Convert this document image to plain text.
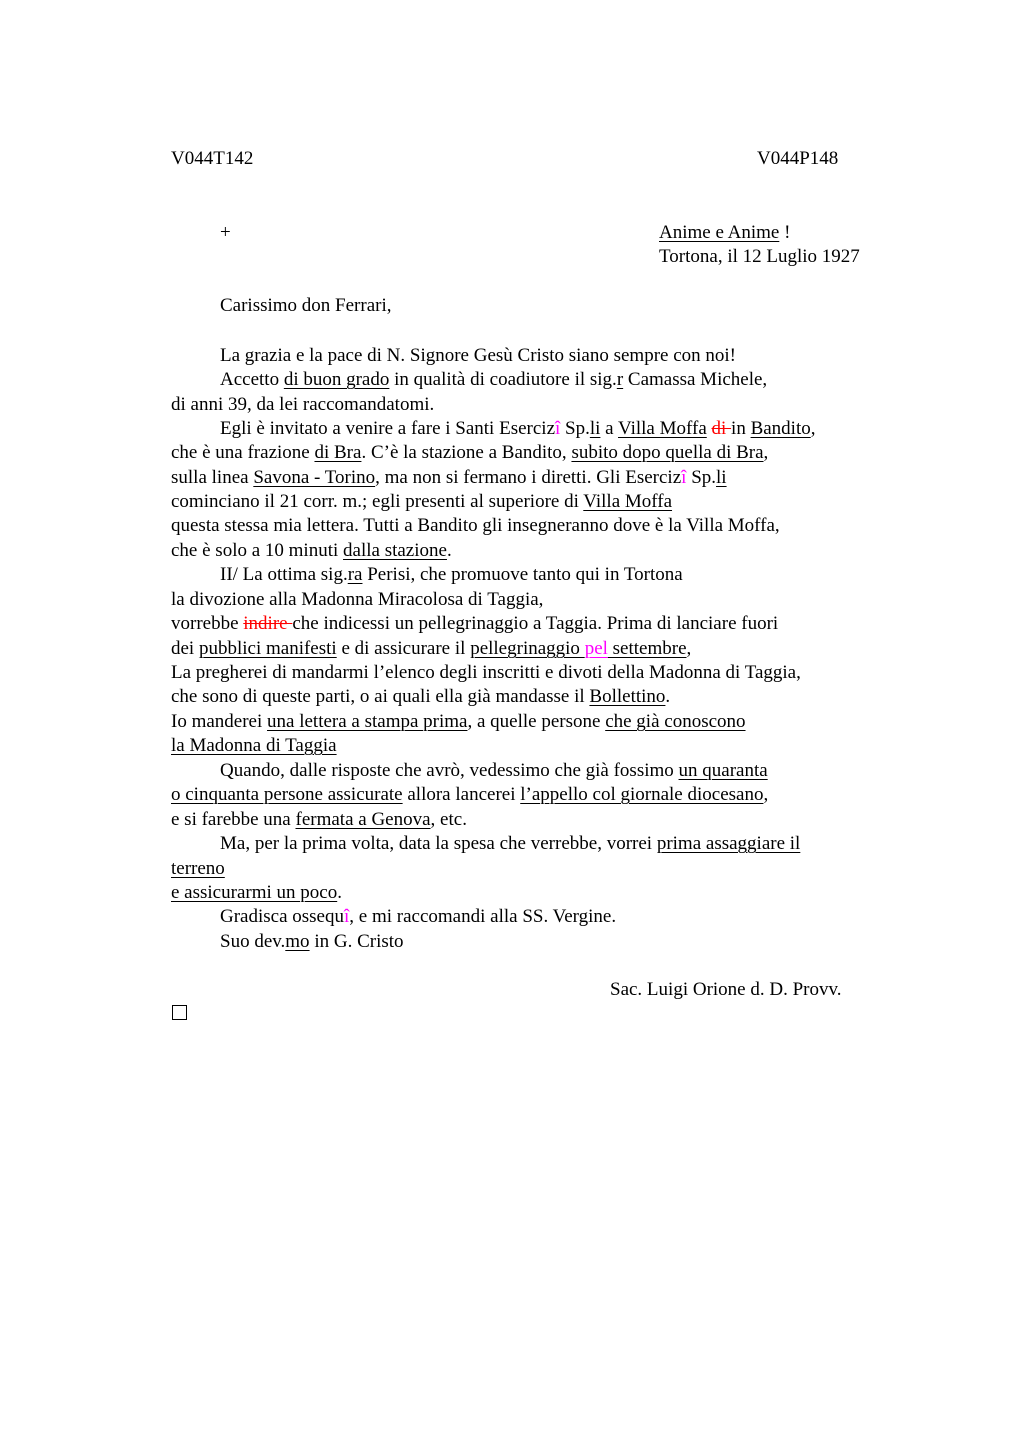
V044T142	V044P148
+	Anime e Anime !
Tortona, il 12 Luglio 1927
Carissimo don Ferrari,
La grazia e la pace di N. Signore Gesù Cristo siano sempre con noi!
Accetto di buon grado in qualità di coadiutore il sig.r Camassa Michele,
di anni 39, da lei raccomandatomi.
Egli è invitato a venire a fare i Santi Esercizî Sp.li a Villa Moffa di in Bandito,
che è una frazione di Bra. C’è la stazione a Bandito, subito dopo quella di Bra,
sulla linea Savona - Torino, ma non si fermano i diretti. Gli Esercizî Sp.li
cominciano il 21 corr. m.; egli presenti al superiore di Villa Moffa
questa stessa mia lettera. Tutti a Bandito gli insegneranno dove è la Villa Moffa,
che è solo a 10 minuti dalla stazione.
II/ La ottima sig.ra Perisi, che promuove tanto qui in Tortona
la divozione alla Madonna Miracolosa di Taggia,
vorrebbe indire che indicessi un pellegrinaggio a Taggia. Prima di lanciare fuori
dei pubblici manifesti e di assicurare il pellegrinaggio pel settembre,
La pregherei di mandarmi l’elenco degli inscritti e divoti della Madonna di Taggia,
che sono di queste parti, o ai quali ella già mandasse il Bollettino.
Io manderei una lettera a stampa prima, a quelle persone che già conoscono
la Madonna di Taggia
Quando, dalle risposte che avrò, vedessimo che già fossimo un quaranta
o cinquanta persone assicurate allora lancerei l’appello col giornale diocesano,
e si farebbe una fermata a Genova, etc.
Ma, per la prima volta, data la spesa che verrebbe, vorrei prima assaggiare il
terreno
e assicurarmi un poco.
Gradisca ossequî, e mi raccomandi alla SS. Vergine.
Suo dev.mo in G. Cristo
Sac. Luigi Orione d. D. Provv.
